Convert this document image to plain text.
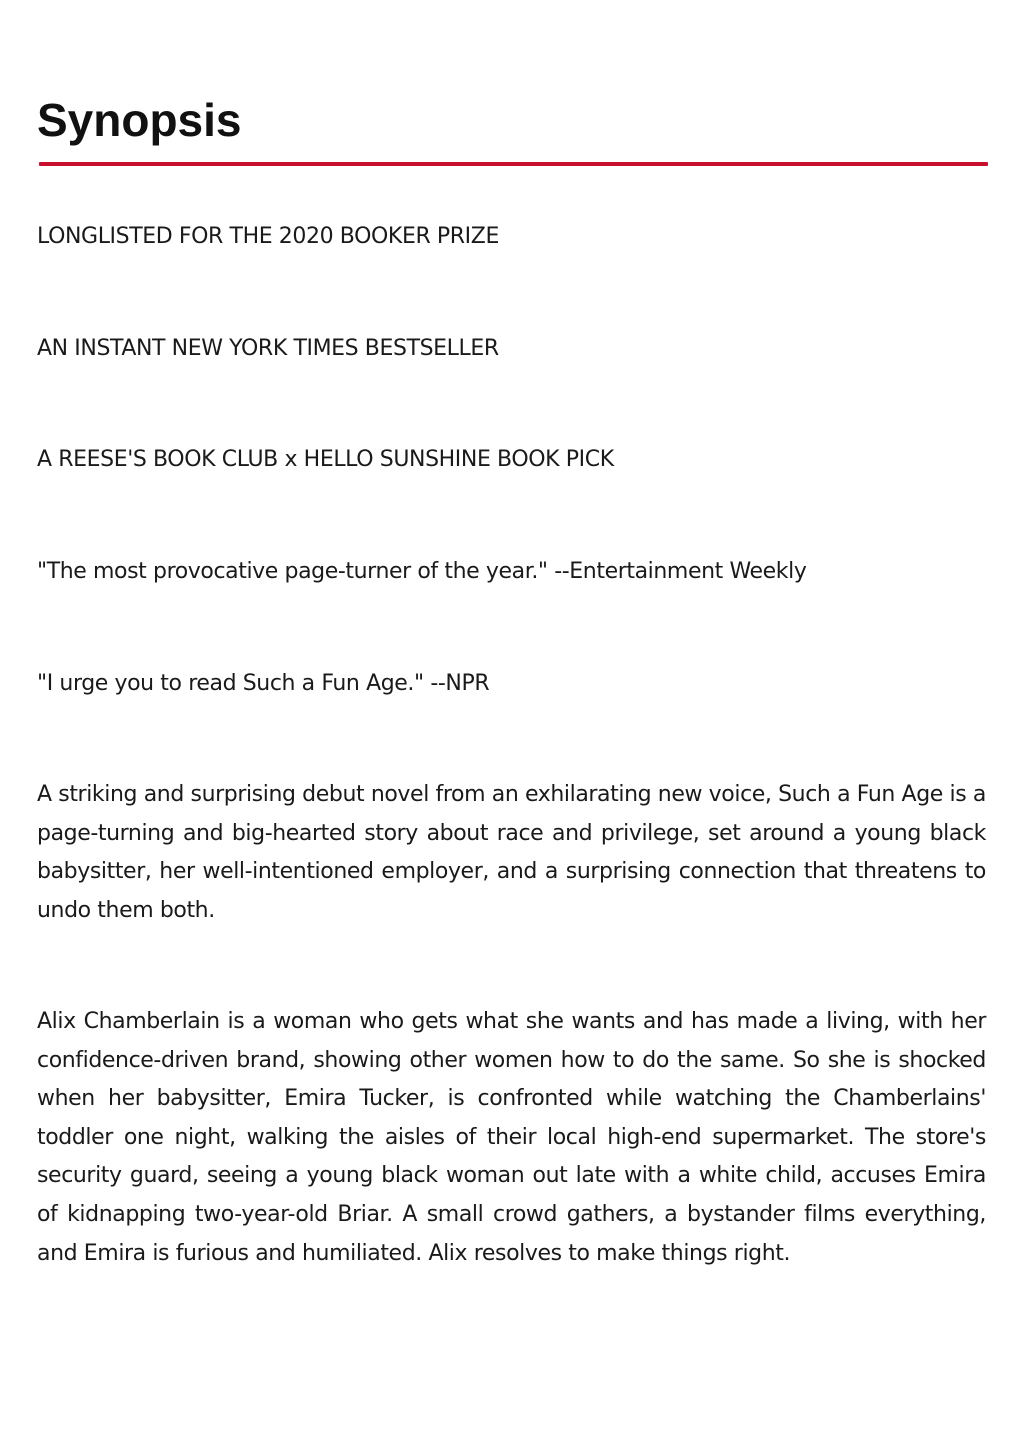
Synopsis

LONGLISTED FOR THE 2020 BOOKER PRIZE

AN INSTANT NEW YORK TIMES BESTSELLER

A REESE'S BOOK CLUB x HELLO SUNSHINE BOOK PICK

"The most provocative page-turner of the year." --Entertainment Weekly

"I urge you to read Such a Fun Age." --NPR

A striking and surprising debut novel from an exhilarating new voice, Such a Fun Age is a page-turning and big-hearted story about race and privilege, set around a young black babysitter, her well-intentioned employer, and a surprising connection that threatens to undo them both.

Alix Chamberlain is a woman who gets what she wants and has made a living, with her confidence-driven brand, showing other women how to do the same. So she is shocked when her babysitter, Emira Tucker, is confronted while watching the Chamberlains' toddler one night, walking the aisles of their local high-end supermarket. The store's security guard, seeing a young black woman out late with a white child, accuses Emira of kidnapping two-year-old Briar. A small crowd gathers, a bystander films everything, and Emira is furious and humiliated. Alix resolves to make things right.
